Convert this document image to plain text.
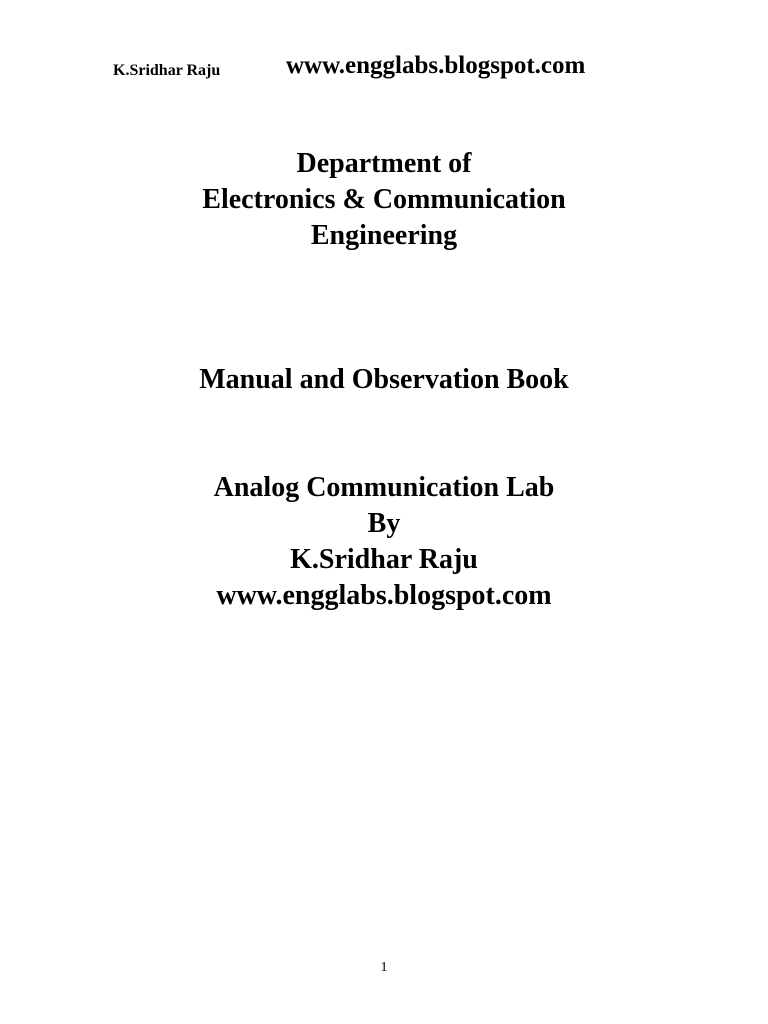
K.Sridhar Raju	www.engglabs.blogspot.com
Department of
Electronics & Communication
Engineering
Manual and Observation Book
Analog Communication Lab
By
K.Sridhar Raju
www.engglabs.blogspot.com
1
